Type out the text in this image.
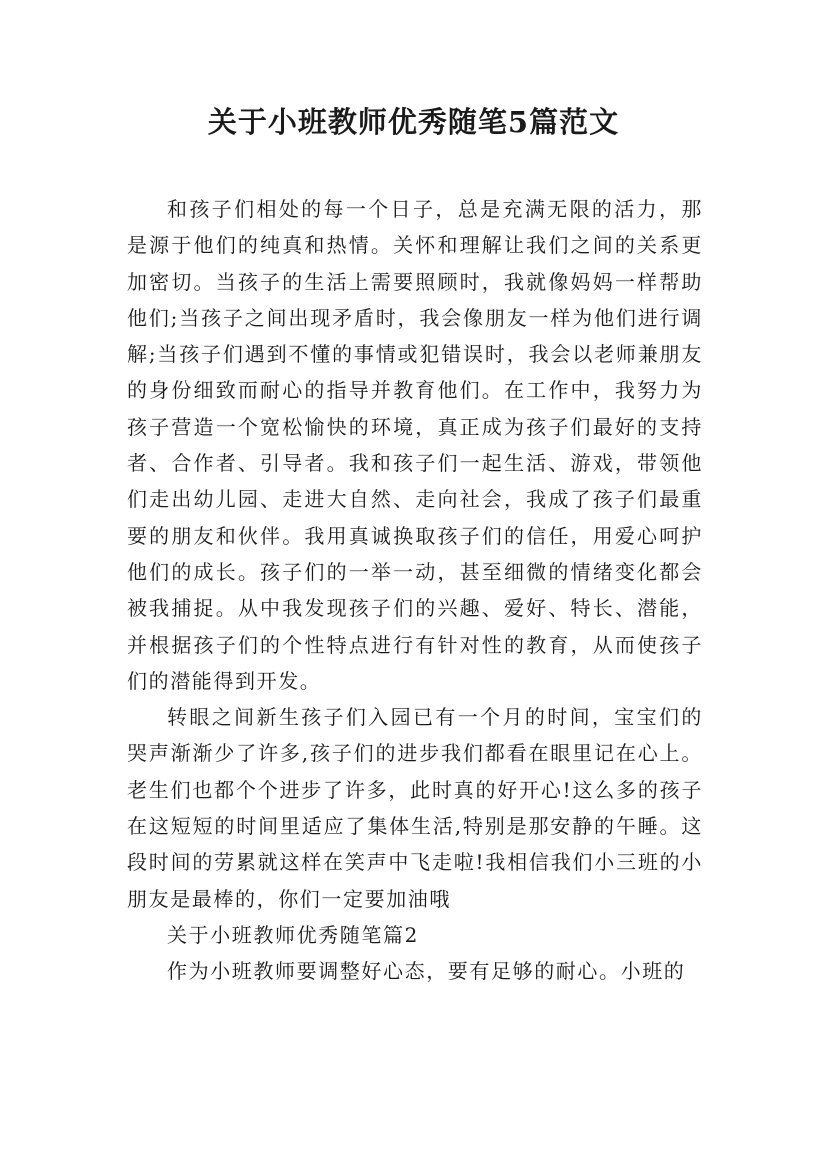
关于小班教师优秀随笔5篇范文

和孩子们相处的每一个日子，总是充满无限的活力，那是源于他们的纯真和热情。关怀和理解让我们之间的关系更加密切。当孩子的生活上需要照顾时，我就像妈妈一样帮助他们;当孩子之间出现矛盾时，我会像朋友一样为他们进行调解;当孩子们遇到不懂的事情或犯错误时，我会以老师兼朋友的身份细致而耐心的指导并教育他们。在工作中，我努力为孩子营造一个宽松愉快的环境，真正成为孩子们最好的支持者、合作者、引导者。我和孩子们一起生活、游戏，带领他们走出幼儿园、走进大自然、走向社会，我成了孩子们最重要的朋友和伙伴。我用真诚换取孩子们的信任，用爱心呵护他们的成长。孩子们的一举一动，甚至细微的情绪变化都会被我捕捉。从中我发现孩子们的兴趣、爱好、特长、潜能，并根据孩子们的个性特点进行有针对性的教育，从而使孩子们的潜能得到开发。

转眼之间新生孩子们入园已有一个月的时间，宝宝们的哭声渐渐少了许多,孩子们的进步我们都看在眼里记在心上。老生们也都个个进步了许多，此时真的好开心!这么多的孩子在这短短的时间里适应了集体生活,特别是那安静的午睡。这段时间的劳累就这样在笑声中飞走啦!我相信我们小三班的小朋友是最棒的，你们一定要加油哦

关于小班教师优秀随笔篇2

作为小班教师要调整好心态，要有足够的耐心。小班的
